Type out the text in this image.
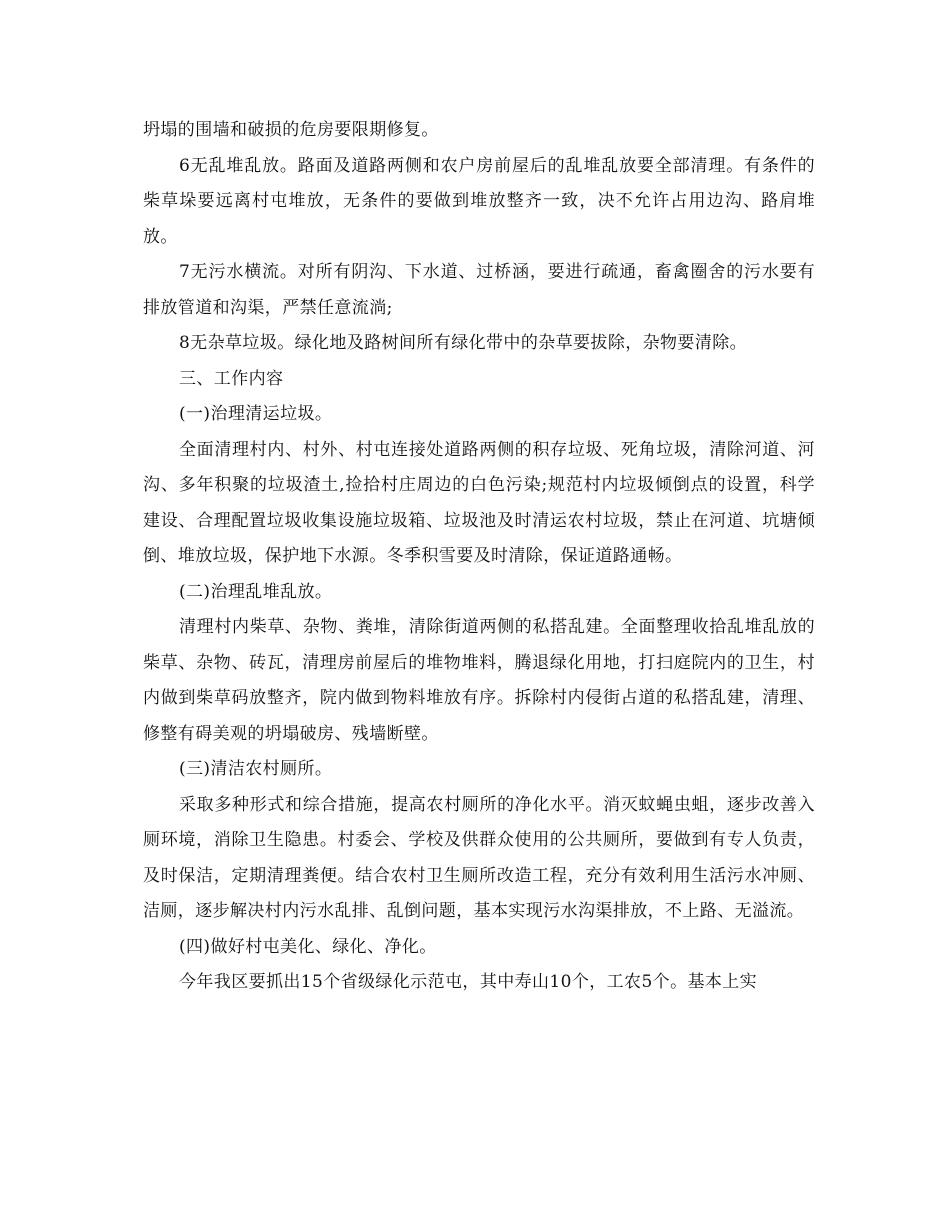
坍塌的围墙和破损的危房要限期修复。

6无乱堆乱放。路面及道路两侧和农户房前屋后的乱堆乱放要全部清理。有条件的柴草垛要远离村屯堆放，无条件的要做到堆放整齐一致，决不允许占用边沟、路肩堆放。

7无污水横流。对所有阴沟、下水道、过桥涵，要进行疏通，畜禽圈舍的污水要有排放管道和沟渠，严禁任意流淌;

8无杂草垃圾。绿化地及路树间所有绿化带中的杂草要拔除，杂物要清除。

三、工作内容

(一)治理清运垃圾。

全面清理村内、村外、村屯连接处道路两侧的积存垃圾、死角垃圾，清除河道、河沟、多年积聚的垃圾渣土,捡拾村庄周边的白色污染;规范村内垃圾倾倒点的设置，科学建设、合理配置垃圾收集设施垃圾箱、垃圾池及时清运农村垃圾，禁止在河道、坑塘倾倒、堆放垃圾，保护地下水源。冬季积雪要及时清除，保证道路通畅。

(二)治理乱堆乱放。

清理村内柴草、杂物、粪堆，清除街道两侧的私搭乱建。全面整理收拾乱堆乱放的柴草、杂物、砖瓦，清理房前屋后的堆物堆料，腾退绿化用地，打扫庭院内的卫生，村内做到柴草码放整齐，院内做到物料堆放有序。拆除村内侵街占道的私搭乱建，清理、修整有碍美观的坍塌破房、残墙断壁。

(三)清洁农村厕所。

采取多种形式和综合措施，提高农村厕所的净化水平。消灭蚊蝇虫蛆，逐步改善入厕环境，消除卫生隐患。村委会、学校及供群众使用的公共厕所，要做到有专人负责，及时保洁，定期清理粪便。结合农村卫生厕所改造工程，充分有效利用生活污水冲厕、洁厕，逐步解决村内污水乱排、乱倒问题，基本实现污水沟渠排放，不上路、无溢流。

(四)做好村屯美化、绿化、净化。

今年我区要抓出15个省级绿化示范屯，其中寿山10个，工农5个。基本上实
